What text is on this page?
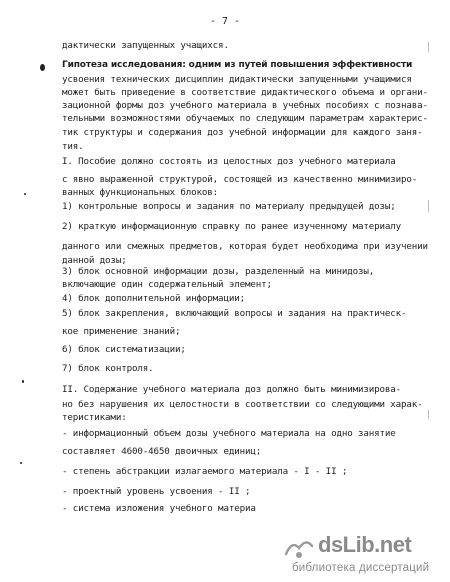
- 7 -
дактически запущенных учащихся.
Гипотеза исследования: одним из путей повышения эффективности
усвоения технических дисциплин дидактически запущенными учащимися
может быть приведение в соответствие дидактического объема и органи-
зационной формы доз учебного материала в учебных пособиях с познава-
тельными возможностями обучаемых по следующим параметрам характерис-
тик структуры и содержания доз учебной информации для каждого заня-
тия.
I. Пособие должно состоять из целостных доз учебного материала
с явно выраженной структурой, состоящей из качественно минимизиро-
ванных функциональных блоков:
1) контрольные вопросы и задания по материалу предыдущей дозы;
2) краткую информационную справку по ранее изученному материалу
данного или смежных предметов, которая будет необходима при изучении
данной дозы;
3) блок основной информации дозы, разделенный на минидозы,
включающие один содержательный элемент;
4) блок дополнительной информации;
5) блок закрепления, включающий вопросы и задания на практическ-
кое применение знаний;
6) блок систематизации;
7) блок контроля.
II. Содержание учебного материала доз должно быть минимизирова-
но без нарушения их целостности в соответствии со следующими харак-
теристиками:
- информационный объем дозы учебного материала на одно занятие
составляет 4600-4650 двоичных единиц;
- степень абстракции излагаемого материала - I - II ;
- проектный уровень усвоения - II ;
- система изложения учебного материа
dsLib.net
библиотека диссертаций
